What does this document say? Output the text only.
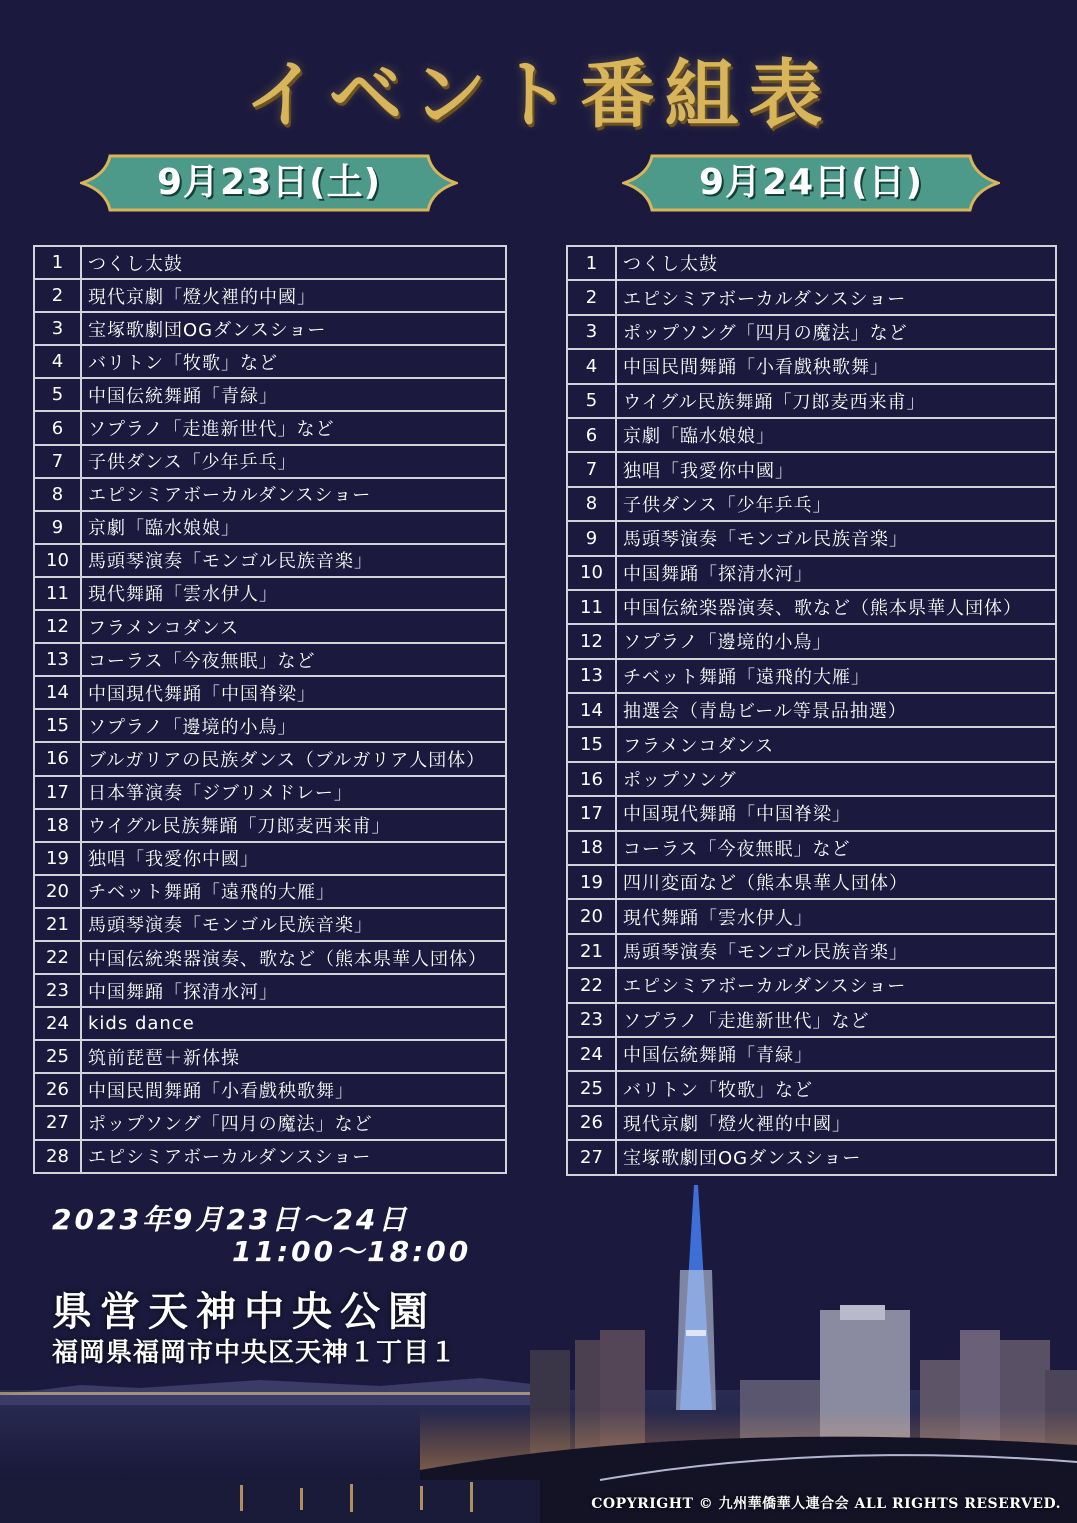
イベント番組表
9月23日(土)	9月24日(日)
1	つくし太鼓
2	現代京劇「燈火裡的中國」
3	宝塚歌劇団OGダンスショー
4	バリトン「牧歌」など
5	中国伝統舞踊「青緑」
6	ソプラノ「走進新世代」など
7	子供ダンス「少年乒乓」
8	エピシミアボーカルダンスショー
9	京劇「臨水娘娘」
10	馬頭琴演奏「モンゴル民族音楽」
11	現代舞踊「雲水伊人」
12	フラメンコダンス
13	コーラス「今夜無眠」など
14	中国現代舞踊「中国脊梁」
15	ソプラノ「邊境的小鳥」
16	ブルガリアの民族ダンス（ブルガリア人団体）
17	日本箏演奏「ジブリメドレー」
18	ウイグル民族舞踊「刀郎麦西来甫」
19	独唱「我愛你中國」
20	チベット舞踊「遠飛的大雁」
21	馬頭琴演奏「モンゴル民族音楽」
22	中国伝統楽器演奏、歌など（熊本県華人団体）
23	中国舞踊「探清水河」
24	kids dance
25	筑前琵琶＋新体操
26	中国民間舞踊「小看戲秧歌舞」
27	ポップソング「四月の魔法」など
28	エピシミアボーカルダンスショー
1	つくし太鼓
2	エピシミアボーカルダンスショー
3	ポップソング「四月の魔法」など
4	中国民間舞踊「小看戲秧歌舞」
5	ウイグル民族舞踊「刀郎麦西来甫」
6	京劇「臨水娘娘」
7	独唱「我愛你中國」
8	子供ダンス「少年乒乓」
9	馬頭琴演奏「モンゴル民族音楽」
10	中国舞踊「探清水河」
11	中国伝統楽器演奏、歌など（熊本県華人団体）
12	ソプラノ「邊境的小鳥」
13	チベット舞踊「遠飛的大雁」
14	抽選会（青島ビール等景品抽選）
15	フラメンコダンス
16	ポップソング
17	中国現代舞踊「中国脊梁」
18	コーラス「今夜無眠」など
19	四川変面など（熊本県華人団体）
20	現代舞踊「雲水伊人」
21	馬頭琴演奏「モンゴル民族音楽」
22	エピシミアボーカルダンスショー
23	ソプラノ「走進新世代」など
24	中国伝統舞踊「青緑」
25	バリトン「牧歌」など
26	現代京劇「燈火裡的中國」
27	宝塚歌劇団OGダンスショー
2023年9月23日～24日
11:00～18:00
県営天神中央公園
福岡県福岡市中央区天神１丁目１
COPYRIGHT © 九州華僑華人連合会 ALL RIGHTS RESERVED.
